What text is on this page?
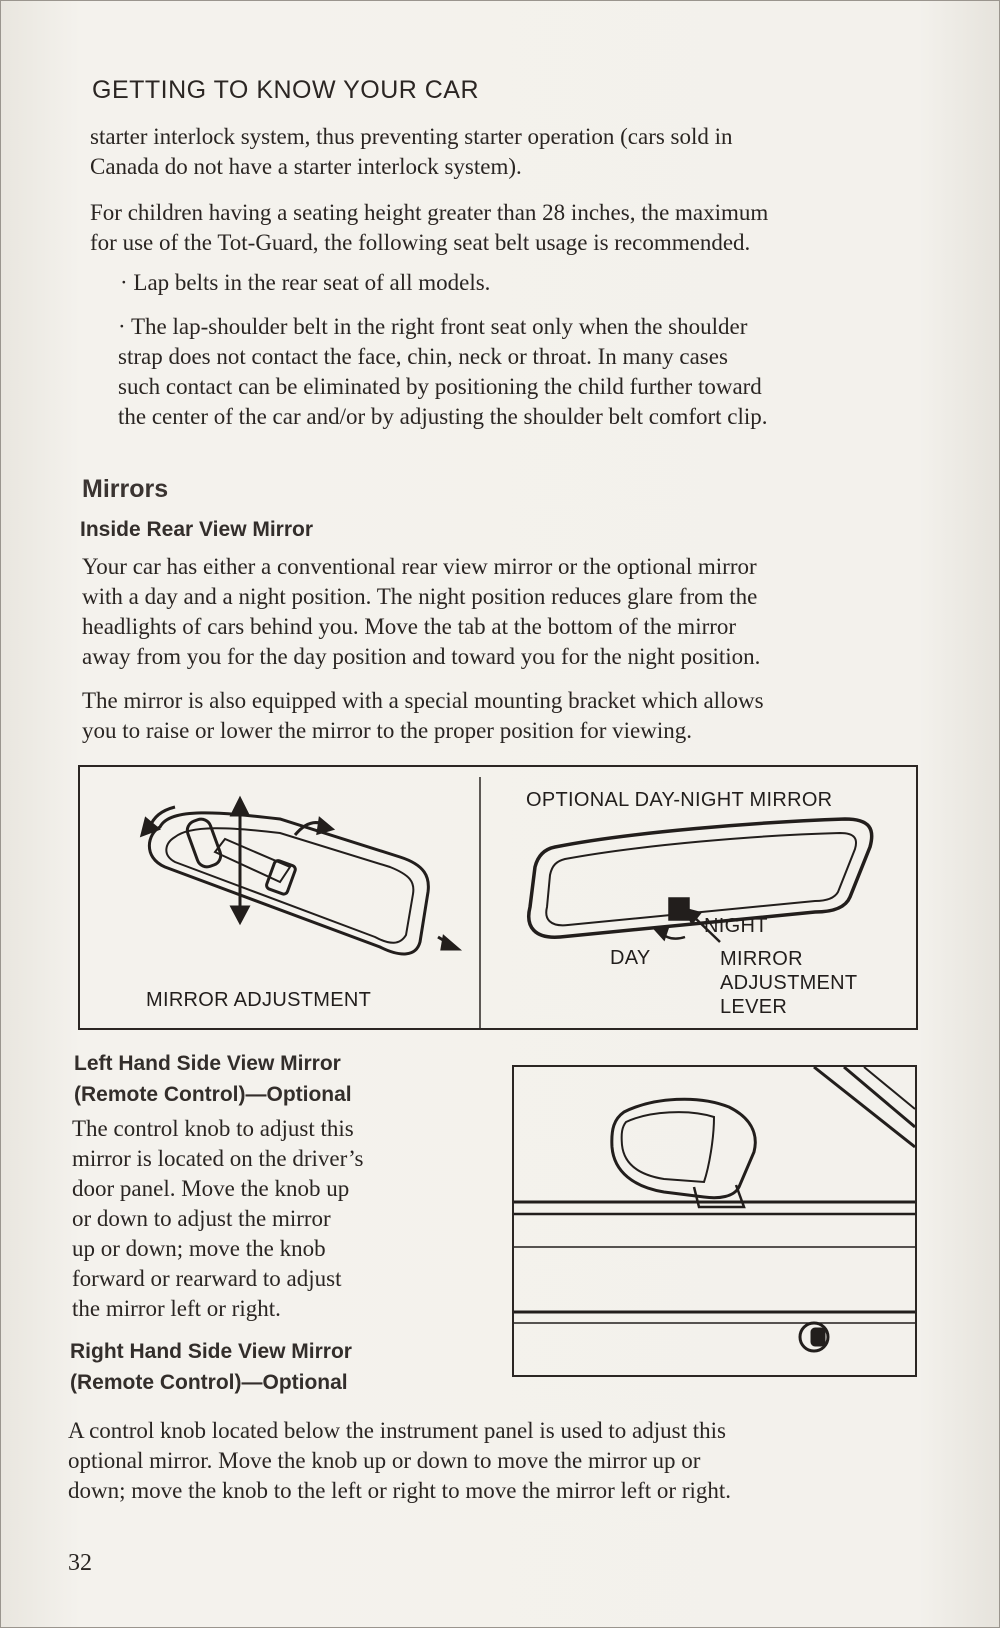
GETTING TO KNOW YOUR CAR
starter interlock system, thus preventing starter operation (cars sold in
Canada do not have a starter interlock system).
For children having a seating height greater than 28 inches, the maximum
for use of the Tot-Guard, the following seat belt usage is recommended.
· Lap belts in the rear seat of all models.
· The lap-shoulder belt in the right front seat only when the shoulder
strap does not contact the face, chin, neck or throat. In many cases
such contact can be eliminated by positioning the child further toward
the center of the car and/or by adjusting the shoulder belt comfort clip.
Mirrors
Inside Rear View Mirror
Your car has either a conventional rear view mirror or the optional mirror
with a day and a night position. The night position reduces glare from the
headlights of cars behind you. Move the tab at the bottom of the mirror
away from you for the day position and toward you for the night position.
The mirror is also equipped with a special mounting bracket which allows
you to raise or lower the mirror to the proper position for viewing.
OPTIONAL DAY-NIGHT MIRROR
MIRROR ADJUSTMENT
NIGHT
DAY	MIRROR
ADJUSTMENT
LEVER
Left Hand Side View Mirror
(Remote Control)—Optional
The control knob to adjust this
mirror is located on the driver’s
door panel. Move the knob up
or down to adjust the mirror
up or down; move the knob
forward or rearward to adjust
the mirror left or right.
Right Hand Side View Mirror
(Remote Control)—Optional
A control knob located below the instrument panel is used to adjust this
optional mirror. Move the knob up or down to move the mirror up or
down; move the knob to the left or right to move the mirror left or right.
32
